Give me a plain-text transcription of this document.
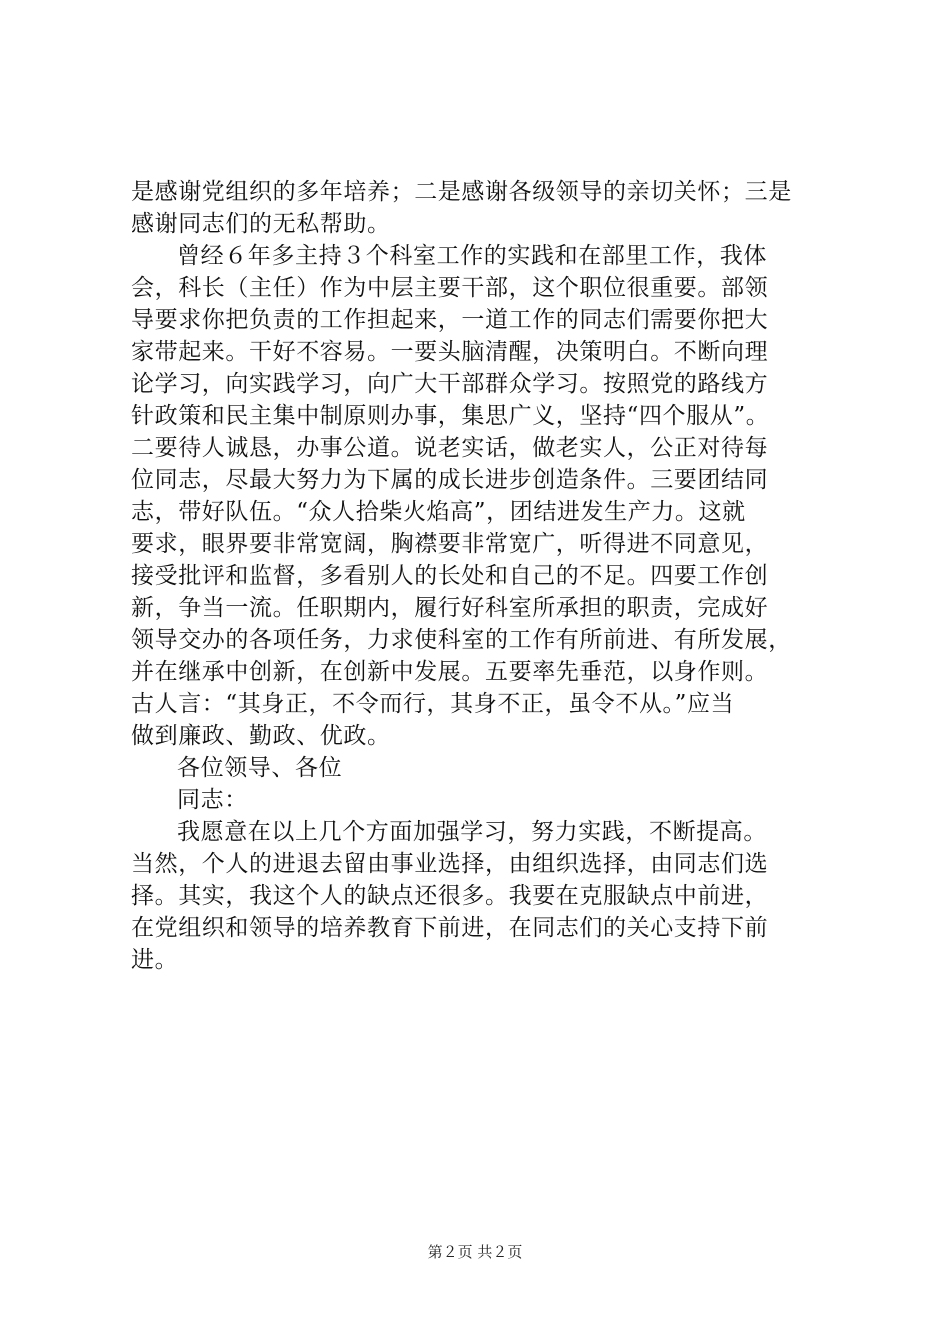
是感谢党组织的多年培养；二是感谢各级领导的亲切关怀；三是
感谢同志们的无私帮助。
曾经６年多主持３个科室工作的实践和在部里工作，我体
会，科长（主任）作为中层主要干部，这个职位很重要。部领
导要求你把负责的工作担起来，一道工作的同志们需要你把大
家带起来。干好不容易。一要头脑清醒，决策明白。不断向理
论学习，向实践学习，向广大干部群众学习。按照党的路线方
针政策和民主集中制原则办事，集思广义，坚持“四个服从”。
二要待人诚恳，办事公道。说老实话，做老实人，公正对待每
位同志，尽最大努力为下属的成长进步创造条件。三要团结同
志，带好队伍。“众人拾柴火焰高”，团结进发生产力。这就
要求，眼界要非常宽阔，胸襟要非常宽广，听得进不同意见，
接受批评和监督，多看别人的长处和自己的不足。四要工作创
新，争当一流。任职期内，履行好科室所承担的职责，完成好
领导交办的各项任务，力求使科室的工作有所前进、有所发展，
并在继承中创新，在创新中发展。五要率先垂范，以身作则。
古人言：“其身正，不令而行，其身不正，虽令不从。”应当
做到廉政、勤政、优政。
各位领导、各位
同志：
我愿意在以上几个方面加强学习，努力实践，不断提高。
当然，个人的进退去留由事业选择，由组织选择，由同志们选
择。其实，我这个人的缺点还很多。我要在克服缺点中前进，
在党组织和领导的培养教育下前进，在同志们的关心支持下前
进。
第２页 共２页
